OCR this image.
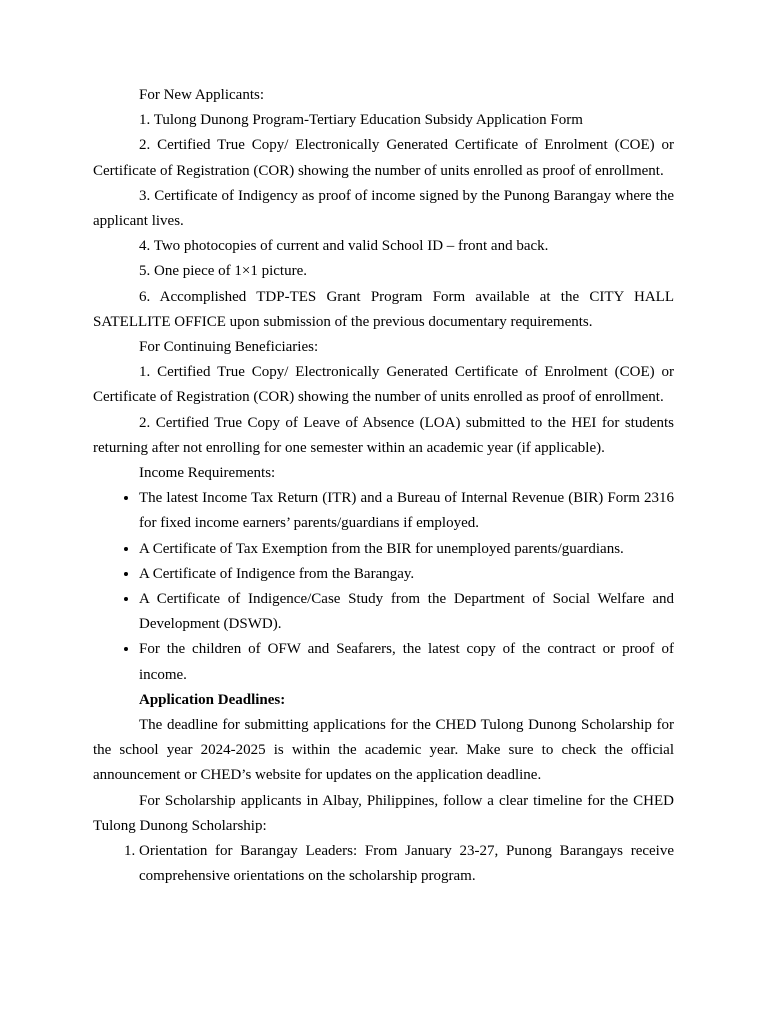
For New Applicants:

1. Tulong Dunong Program-Tertiary Education Subsidy Application Form

2. Certified True Copy/ Electronically Generated Certificate of Enrolment (COE) or Certificate of Registration (COR) showing the number of units enrolled as proof of enrollment.

3. Certificate of Indigency as proof of income signed by the Punong Barangay where the applicant lives.

4. Two photocopies of current and valid School ID – front and back.

5. One piece of 1×1 picture.

6. Accomplished TDP-TES Grant Program Form available at the CITY HALL SATELLITE OFFICE upon submission of the previous documentary requirements.

For Continuing Beneficiaries:

1. Certified True Copy/ Electronically Generated Certificate of Enrolment (COE) or Certificate of Registration (COR) showing the number of units enrolled as proof of enrollment.

2. Certified True Copy of Leave of Absence (LOA) submitted to the HEI for students returning after not enrolling for one semester within an academic year (if applicable).

Income Requirements:

• The latest Income Tax Return (ITR) and a Bureau of Internal Revenue (BIR) Form 2316 for fixed income earners’ parents/guardians if employed.
• A Certificate of Tax Exemption from the BIR for unemployed parents/guardians.
• A Certificate of Indigence from the Barangay.
• A Certificate of Indigence/Case Study from the Department of Social Welfare and Development (DSWD).
• For the children of OFW and Seafarers, the latest copy of the contract or proof of income.

Application Deadlines:

The deadline for submitting applications for the CHED Tulong Dunong Scholarship for the school year 2024-2025 is within the academic year. Make sure to check the official announcement or CHED’s website for updates on the application deadline.

For Scholarship applicants in Albay, Philippines, follow a clear timeline for the CHED Tulong Dunong Scholarship:

1. Orientation for Barangay Leaders: From January 23-27, Punong Barangays receive comprehensive orientations on the scholarship program.
